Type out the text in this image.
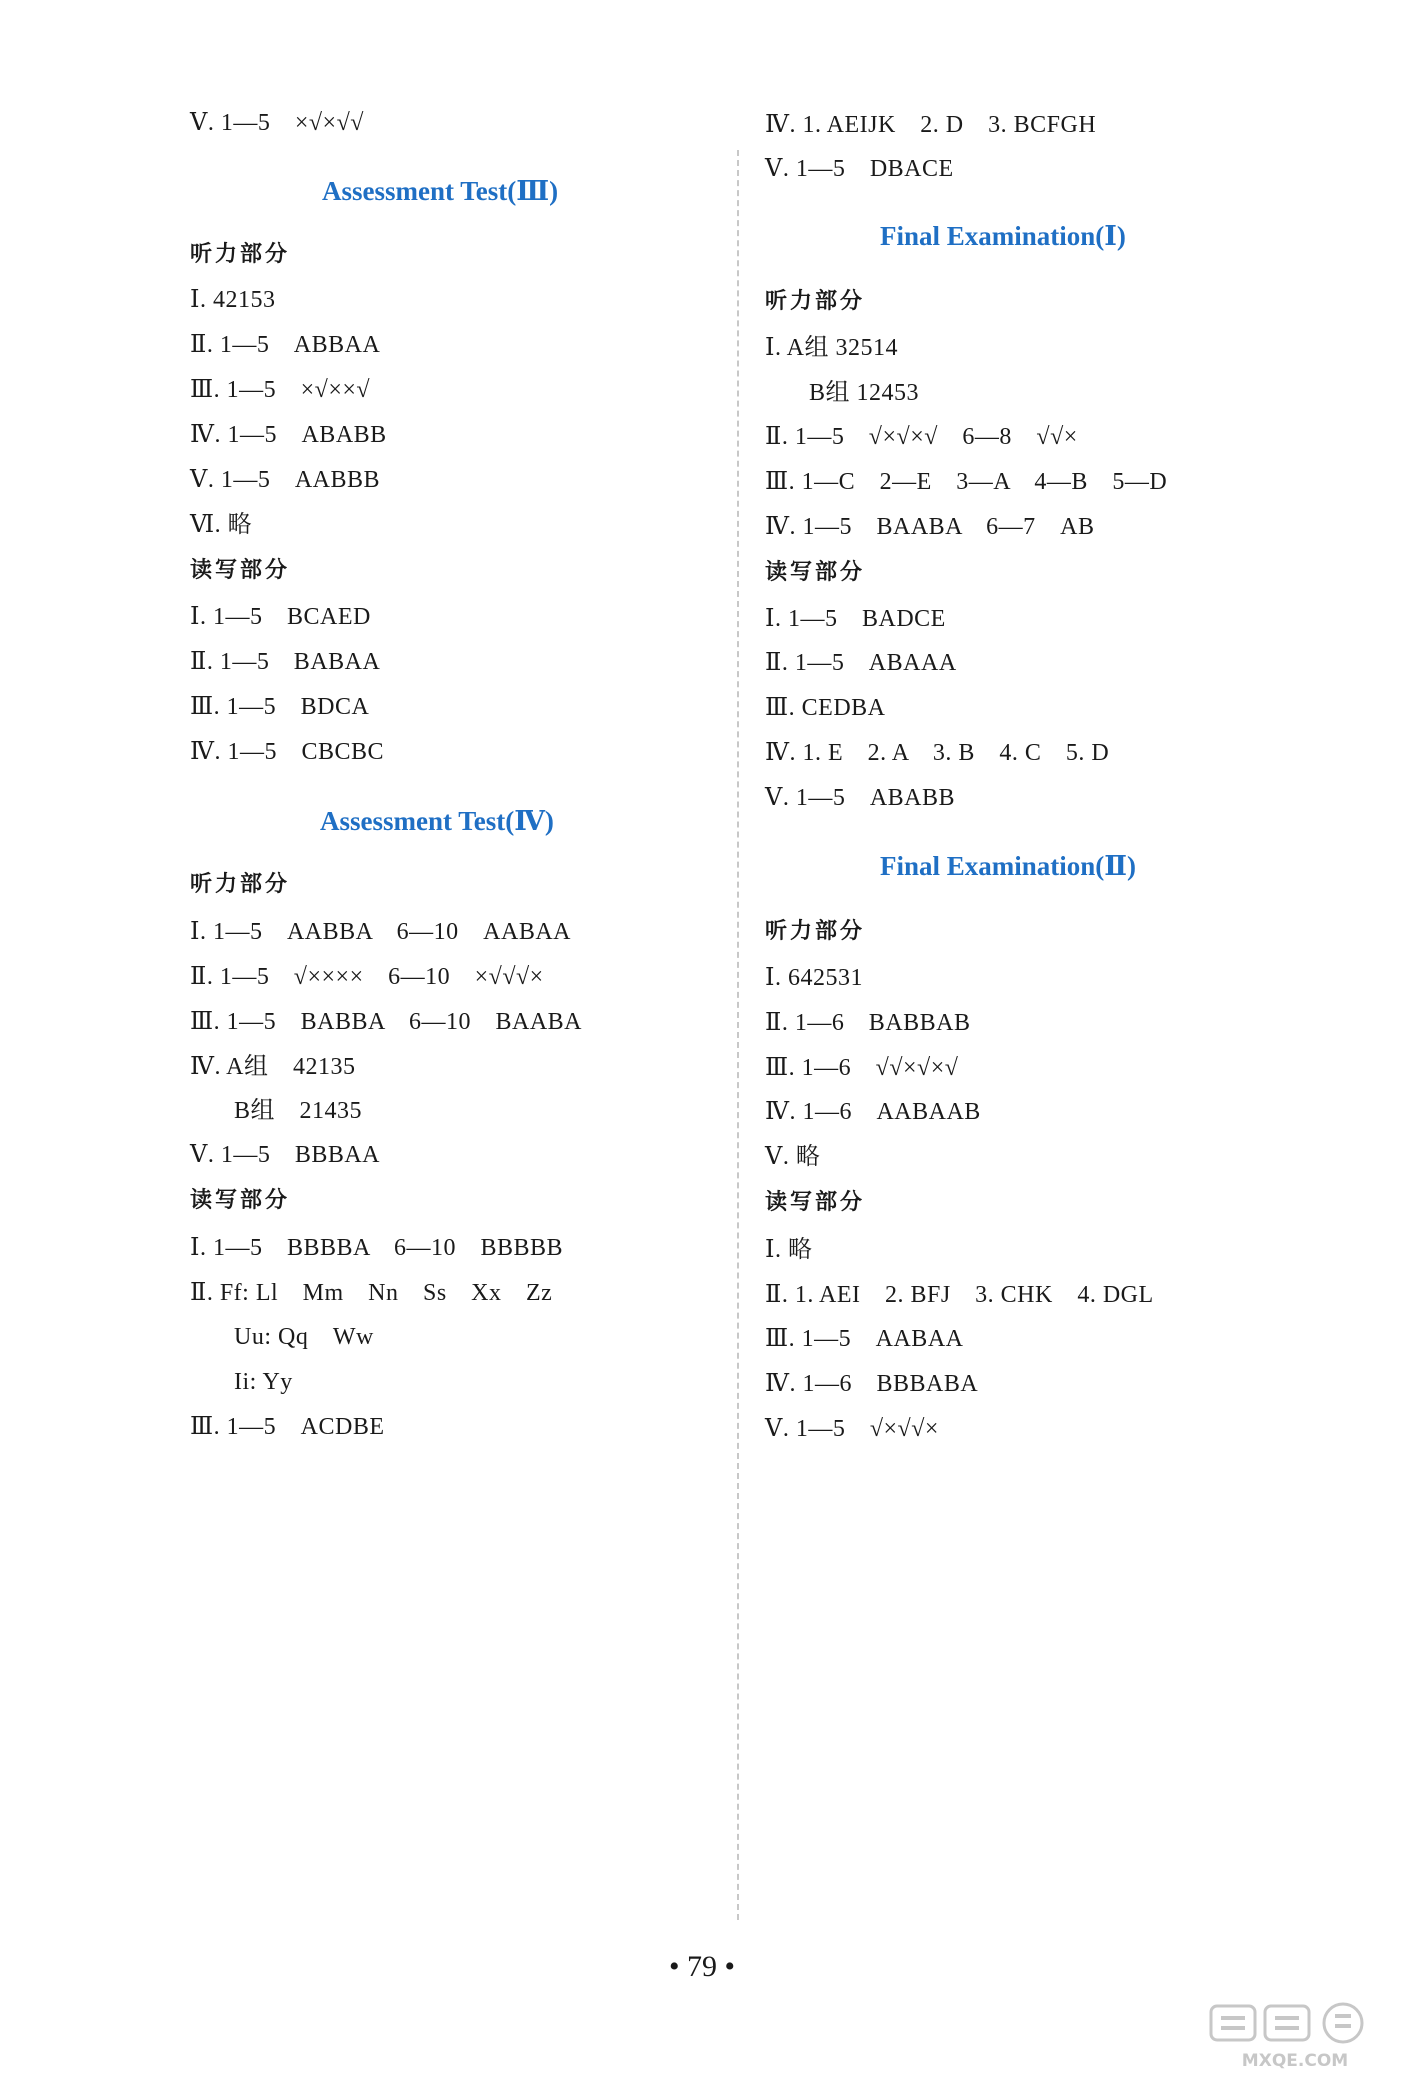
Ⅴ. 1—5　×√×√√
Assessment Test(Ⅲ)
听力部分
Ⅰ. 42153
Ⅱ. 1—5　ABBAA
Ⅲ. 1—5　×√××√
Ⅳ. 1—5　ABABB
Ⅴ. 1—5　AABBB
Ⅵ. 略
读写部分
Ⅰ. 1—5　BCAED
Ⅱ. 1—5　BABAA
Ⅲ. 1—5　BDCA
Ⅳ. 1—5　CBCBC
Assessment Test(Ⅳ)
听力部分
Ⅰ. 1—5　AABBA　6—10　AABAA
Ⅱ. 1—5　√××××　6—10　×√√√×
Ⅲ. 1—5　BABBA　6—10　BAABA
Ⅳ. A组　42135
B组　21435
Ⅴ. 1—5　BBBAA
读写部分
Ⅰ. 1—5　BBBBA　6—10　BBBBB
Ⅱ. Ff: Ll　Mm　Nn　Ss　Xx　Zz
Uu: Qq　Ww
Ii: Yy
Ⅲ. 1—5　ACDBE
Ⅳ. 1. AEIJK　2. D　3. BCFGH
Ⅴ. 1—5　DBACE
Final Examination(Ⅰ)
听力部分
Ⅰ. A组 32514
B组 12453
Ⅱ. 1—5　√×√×√　6—8　√√×
Ⅲ. 1—C　2—E　3—A　4—B　5—D
Ⅳ. 1—5　BAABA　6—7　AB
读写部分
Ⅰ. 1—5　BADCE
Ⅱ. 1—5　ABAAA
Ⅲ. CEDBA
Ⅳ. 1. E　2. A　3. B　4. C　5. D
Ⅴ. 1—5　ABABB
Final Examination(Ⅱ)
听力部分
Ⅰ. 642531
Ⅱ. 1—6　BABBAB
Ⅲ. 1—6　√√×√×√
Ⅳ. 1—6　AABAAB
Ⅴ. 略
读写部分
Ⅰ. 略
Ⅱ. 1. AEI　2. BFJ　3. CHK　4. DGL
Ⅲ. 1—5　AABAA
Ⅳ. 1—6　BBBABA
Ⅴ. 1—5　√×√√×
• 79 •
MXQE.COM
